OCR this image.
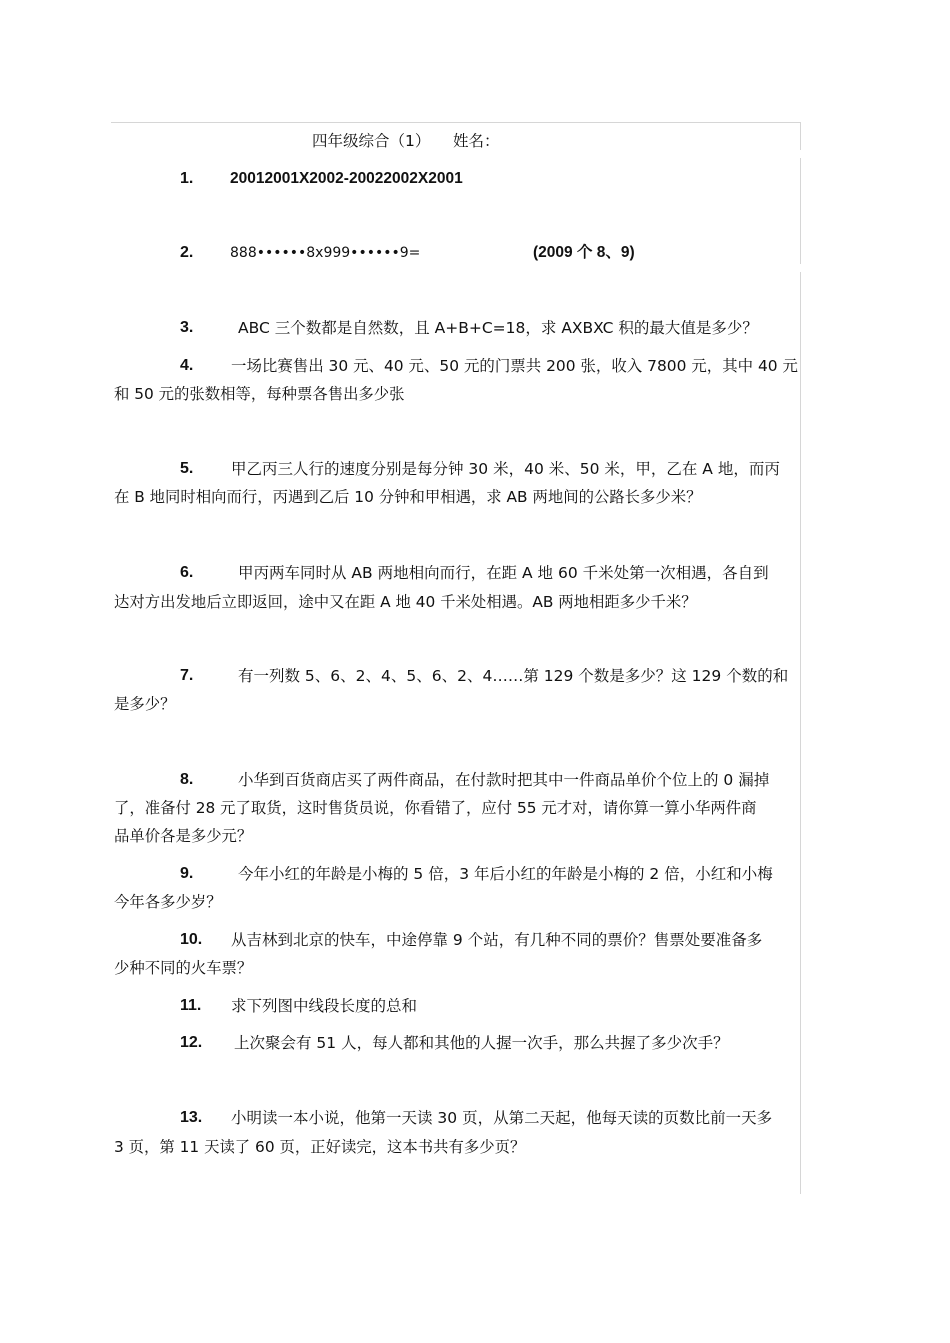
四年级综合（1） 姓名：
1. 20012001X2002-20022002X2001
2.	888••••••8x999••••••9=	(2009 个 8、9)
3.	ABC 三个数都是自然数，且 A+B+C=18，求 AXBXC 积的最大值是多少？
4. 一场比赛售出 30 元、40 元、50 元的门票共 200 张，收入 7800 元，其中 40 元
和 50 元的张数相等，每种票各售出多少张
5. 甲乙丙三人行的速度分别是每分钟 30 米，40 米、50 米，甲，乙在 A 地，而丙
在 B 地同时相向而行，丙遇到乙后 10 分钟和甲相遇，求 AB 两地间的公路长多少米？
6.	甲丙两车同时从 AB 两地相向而行，在距 A 地 60 千米处第一次相遇，各自到
达对方出发地后立即返回，途中又在距 A 地 40 千米处相遇。AB 两地相距多少千米？
7.	有一列数 5、6、2、4、5、6、2、4……第 129 个数是多少？这 129 个数的和
是多少？
8.	小华到百货商店买了两件商品，在付款时把其中一件商品单价个位上的 0 漏掉
了，准备付 28 元了取货，这时售货员说，你看错了，应付 55 元才对，请你算一算小华两件商
品单价各是多少元？
9.	今年小红的年龄是小梅的 5 倍，3 年后小红的年龄是小梅的 2 倍，小红和小梅
今年各多少岁？
10. 从吉林到北京的快车，中途停靠 9 个站，有几种不同的票价？售票处要准备多
少种不同的火车票？
11. 求下列图中线段长度的总和
12. 上次聚会有 51 人，每人都和其他的人握一次手，那么共握了多少次手？
13. 小明读一本小说，他第一天读 30 页，从第二天起，他每天读的页数比前一天多
3 页，第 11 天读了 60 页，正好读完，这本书共有多少页？
